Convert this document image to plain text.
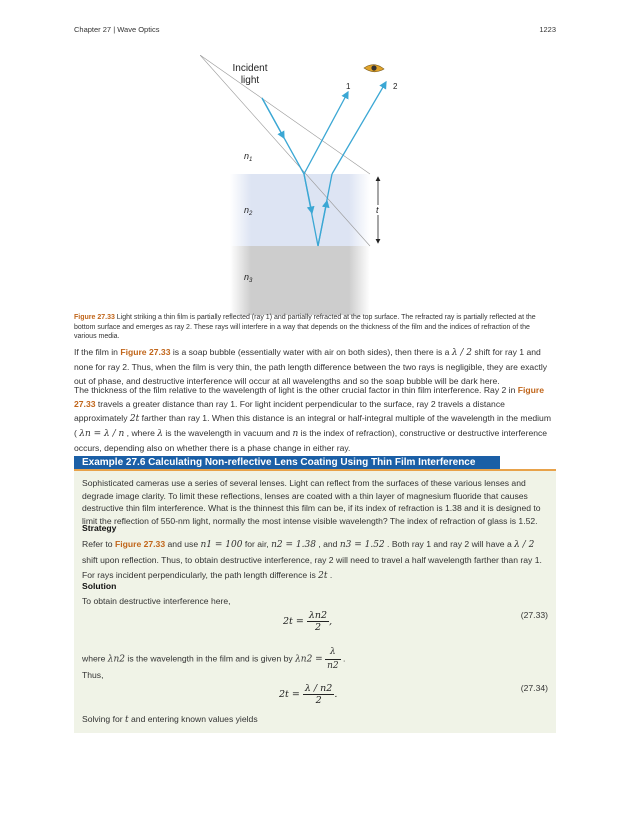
Chapter 27 | Wave Optics	1223
Incident
light
1	2
$n_1$
$n_2$
$n_3$
t
Figure 27.33 Light striking a thin film is partially reflected (ray 1) and partially refracted at the top surface. The refracted ray is partially reflected at the bottom surface and emerges as ray 2. These rays will interfere in a way that depends on the thickness of the film and the indices of refraction of the various media.
If the film in Figure 27.33 is a soap bubble (essentially water with air on both sides), then there is a λ / 2 shift for ray 1 and none for ray 2. Thus, when the film is very thin, the path length difference between the two rays is negligible, they are exactly out of phase, and destructive interference will occur at all wavelengths and so the soap bubble will be dark here.
The thickness of the film relative to the wavelength of light is the other crucial factor in thin film interference. Ray 2 in Figure 27.33 travels a greater distance than ray 1. For light incident perpendicular to the surface, ray 2 travels a distance approximately 2t farther than ray 1. When this distance is an integral or half-integral multiple of the wavelength in the medium ( λn = λ / n , where λ is the wavelength in vacuum and n is the index of refraction), constructive or destructive interference occurs, depending also on whether there is a phase change in either ray.
Example 27.6 Calculating Non-reflective Lens Coating Using Thin Film Interference
Sophisticated cameras use a series of several lenses. Light can reflect from the surfaces of these various lenses and degrade image clarity. To limit these reflections, lenses are coated with a thin layer of magnesium fluoride that causes destructive thin film interference. What is the thinnest this film can be, if its index of refraction is 1.38 and it is designed to limit the reflection of 550-nm light, normally the most intense visible wavelength? The index of refraction of glass is 1.52.
Strategy
Refer to Figure 27.33 and use n1 = 100 for air, n2 = 1.38 , and n3 = 1.52 . Both ray 1 and ray 2 will have a λ / 2 shift upon reflection. Thus, to obtain destructive interference, ray 2 will need to travel a half wavelength farther than ray 1. For rays incident perpendicularly, the path length difference is 2t .
Solution
To obtain destructive interference here,
$2t = \frac{\lambda n2}{2}$ ,
(27.33)
where λn2 is the wavelength in the film and is given by $\lambda n2 = \frac{\lambda}{n2}$ .
Thus,
$2t = \frac{\lambda / n2}{2}$ .
(27.34)
Solving for t and entering known values yields
